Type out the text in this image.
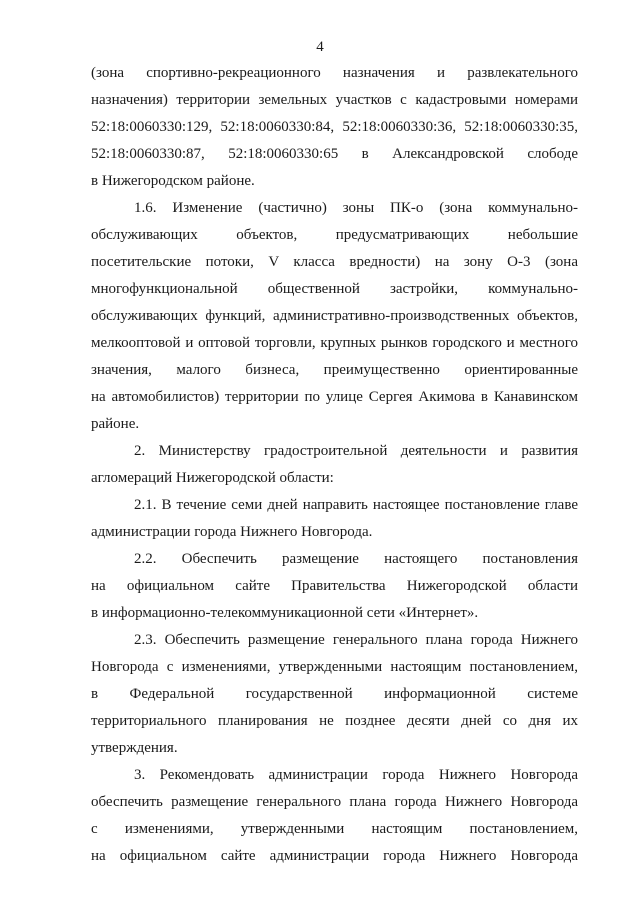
4
(зона спортивно-рекреационного назначения и развлекательного
назначения) территории земельных участков с кадастровыми номерами
52:18:0060330:129, 52:18:0060330:84, 52:18:0060330:36, 52:18:0060330:35,
52:18:0060330:87, 52:18:0060330:65 в Александровской слободе
в Нижегородском районе.
1.6. Изменение (частично) зоны ПК-о (зона коммунально-
обслуживающих объектов, предусматривающих небольшие
посетительские потоки, V класса вредности) на зону О-3 (зона
многофункциональной общественной застройки, коммунально-
обслуживающих функций, административно-производственных объектов,
мелкооптовой и оптовой торговли, крупных рынков городского и местного
значения, малого бизнеса, преимущественно ориентированные
на автомобилистов) территории по улице Сергея Акимова в Канавинском
районе.
2. Министерству градостроительной деятельности и развития
агломераций Нижегородской области:
2.1. В течение семи дней направить настоящее постановление главе
администрации города Нижнего Новгорода.
2.2. Обеспечить размещение настоящего постановления
на официальном сайте Правительства Нижегородской области
в информационно-телекоммуникационной сети «Интернет».
2.3. Обеспечить размещение генерального плана города Нижнего
Новгорода с изменениями, утвержденными настоящим постановлением,
в Федеральной государственной информационной системе
территориального планирования не позднее десяти дней со дня их
утверждения.
3. Рекомендовать администрации города Нижнего Новгорода
обеспечить размещение генерального плана города Нижнего Новгорода
с изменениями, утвержденными настоящим постановлением,
на официальном сайте администрации города Нижнего Новгорода
